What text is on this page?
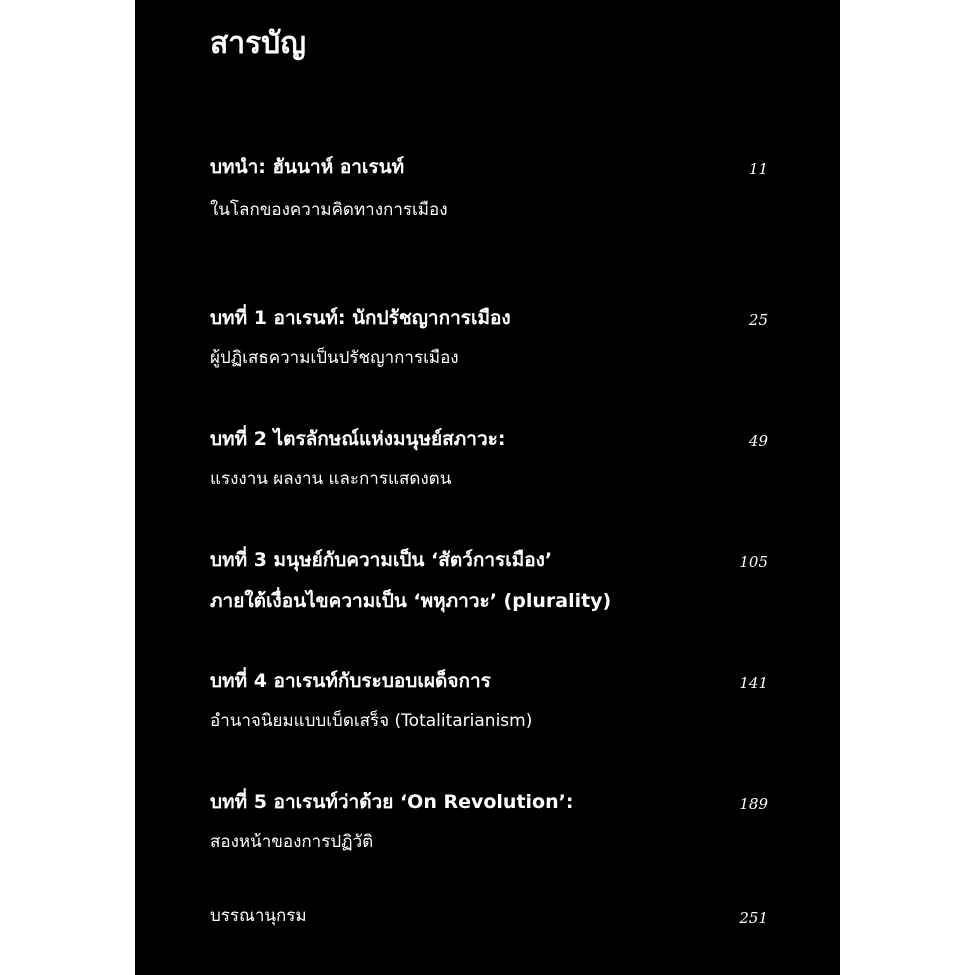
สารบัญ
บทนำ: ฮันนาห์ อาเรนท์	11
ในโลกของความคิดทางการเมือง
บทที่ 1 อาเรนท์: นักปรัชญาการเมือง	25
ผู้ปฏิเสธความเป็นปรัชญาการเมือง
บทที่ 2 ไตรลักษณ์แห่งมนุษย์สภาวะ:	49
แรงงาน ผลงาน และการแสดงตน
บทที่ 3 มนุษย์กับความเป็น ‘สัตว์การเมือง’	105
ภายใต้เงื่อนไขความเป็น ‘พหุภาวะ’ (plurality)
บทที่ 4 อาเรนท์กับระบอบเผด็จการ	141
อำนาจนิยมแบบเบ็ดเสร็จ (Totalitarianism)
บทที่ 5 อาเรนท์ว่าด้วย ‘On Revolution’:	189
สองหน้าของการปฏิวัติ
บรรณานุกรม	251
